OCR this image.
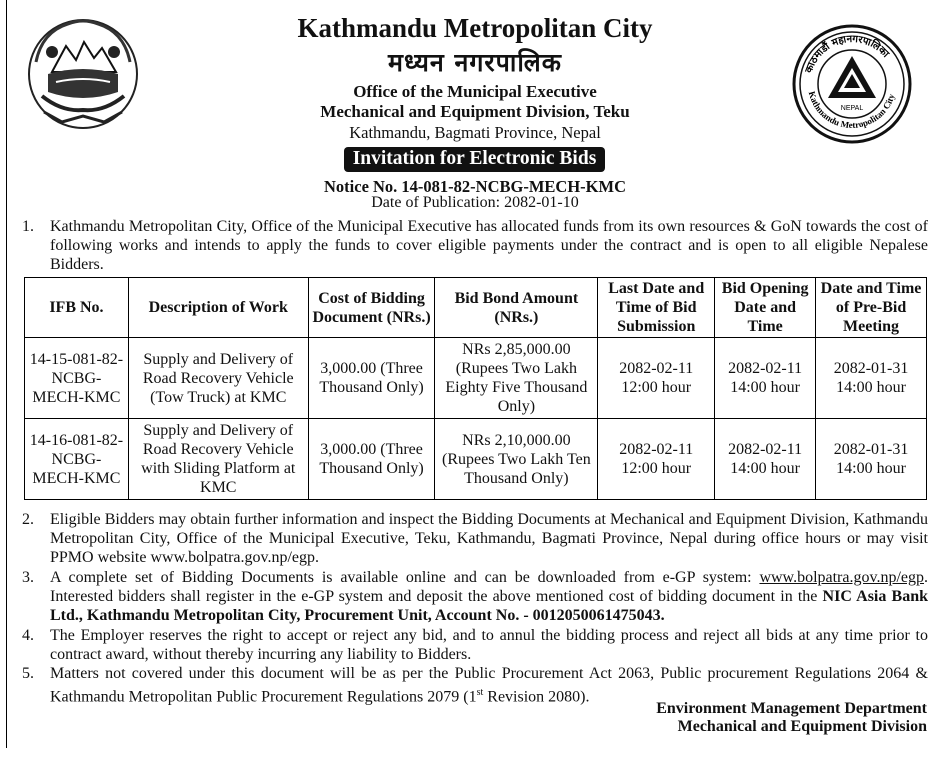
काठमाडौं महानगरपालिका
Kathmandu Metropolitan City
NEPAL
Kathmandu Metropolitan City
मध्यन नगरपालिक
Office of the Municipal Executive
Mechanical and Equipment Division, Teku
Kathmandu, Bagmati Province, Nepal
Invitation for Electronic Bids
Notice No. 14-081-82-NCBG-MECH-KMC
Date of Publication: 2082-01-10
1. Kathmandu Metropolitan City, Office of the Municipal Executive has allocated funds from its own resources & GoN towards the cost of following works and intends to apply the funds to cover eligible payments under the contract and is open to all eligible Nepalese Bidders.
IFB No.	Description of Work	Cost of Bidding Document (NRs.)	Bid Bond Amount (NRs.)	Last Date and Time of Bid Submission	Bid Opening Date and Time	Date and Time of Pre-Bid Meeting
14-15-081-82-NCBG-MECH-KMC	Supply and Delivery of Road Recovery Vehicle (Tow Truck) at KMC	3,000.00 (Three Thousand Only)	NRs 2,85,000.00 (Rupees Two Lakh Eighty Five Thousand Only)	2082-02-11 12:00 hour	2082-02-11 14:00 hour	2082-01-31 14:00 hour
14-16-081-82-NCBG-MECH-KMC	Supply and Delivery of Road Recovery Vehicle with Sliding Platform at KMC	3,000.00 (Three Thousand Only)	NRs 2,10,000.00 (Rupees Two Lakh Ten Thousand Only)	2082-02-11 12:00 hour	2082-02-11 14:00 hour	2082-01-31 14:00 hour
2. Eligible Bidders may obtain further information and inspect the Bidding Documents at Mechanical and Equipment Division, Kathmandu Metropolitan City, Office of the Municipal Executive, Teku, Kathmandu, Bagmati Province, Nepal during office hours or may visit PPMO website www.bolpatra.gov.np/egp.
3. A complete set of Bidding Documents is available online and can be downloaded from e-GP system: www.bolpatra.gov.np/egp. Interested bidders shall register in the e-GP system and deposit the above mentioned cost of bidding document in the NIC Asia Bank Ltd., Kathmandu Metropolitan City, Procurement Unit, Account No. - 0012050061475043.
4. The Employer reserves the right to accept or reject any bid, and to annul the bidding process and reject all bids at any time prior to contract award, without thereby incurring any liability to Bidders.
5. Matters not covered under this document will be as per the Public Procurement Act 2063, Public procurement Regulations 2064 & Kathmandu Metropolitan Public Procurement Regulations 2079 (1st Revision 2080).
Environment Management Department
Mechanical and Equipment Division
